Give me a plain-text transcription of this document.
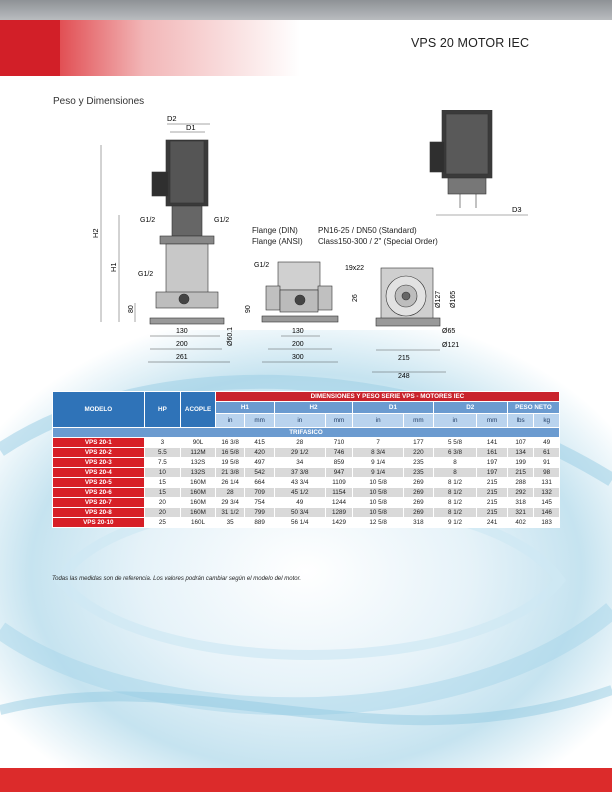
VPS 20 MOTOR IEC
Peso y Dimensiones
D2
D1
H2
H1
G1/2	G1/2
G1/2
80
130
200
261
Ø60.1
G1/2
90
130
200
300
19x22
26	Ø127 Ø165
Ø65
Ø121
215
248
D3
Flange (DIN)	PN16-25 / DN50 (Standard)
Flange (ANSI) Class150-300 / 2" (Special Order)
MODELO	HP	ACOPLE	DIMENSIONES Y PESO SERIE VPS - MOTORES IEC									
			H1		H2		D1		D2		PESO NETO	
			in	mm	in	mm	in	mm	in	mm	lbs	kg
TRIFASICO												
VPS 20-1	3	90L	16 3/8	415	28	710	7	177	5 5/8	141	107	49
VPS 20-2	5.5	112M	16 5/8	420	29 1/2	746	8 3/4	220	6 3/8	161	134	61
VPS 20-3	7.5	132S	19 5/8	497	34	859	9 1/4	235	8	197	199	91
VPS 20-4	10	132S	21 3/8	542	37 3/8	947	9 1/4	235	8	197	215	98
VPS 20-5	15	160M	26 1/4	664	43 3/4	1109	10 5/8	269	8 1/2	215	288	131
VPS 20-6	15	160M	28	709	45 1/2	1154	10 5/8	269	8 1/2	215	292	132
VPS 20-7	20	160M	29 3/4	754	49	1244	10 5/8	269	8 1/2	215	318	145
VPS 20-8	20	160M	31 1/2	799	50 3/4	1289	10 5/8	269	8 1/2	215	321	146
VPS 20-10	25	160L	35	889	56 1/4	1429	12 5/8	318	9 1/2	241	402	183
Todas las medidas son de referencia. Los valores podrán cambiar según el modelo del motor.
